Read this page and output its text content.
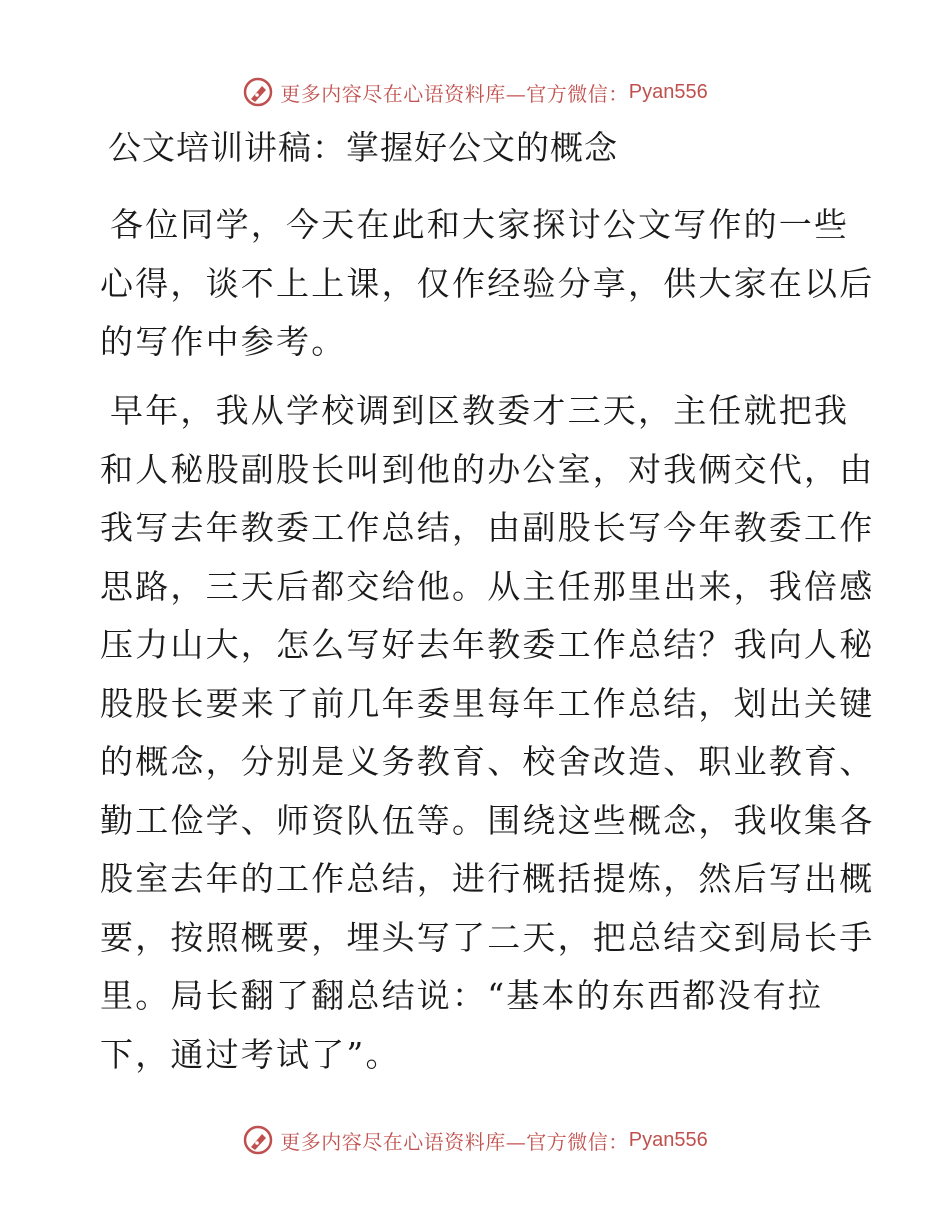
更多内容尽在心语资料库—官方微信： Pyan556
公文培训讲稿：掌握好公文的概念
各位同学，今天在此和大家探讨公文写作的一些
心得，谈不上上课，仅作经验分享，供大家在以后
的写作中参考。
早年，我从学校调到区教委才三天，主任就把我
和人秘股副股长叫到他的办公室，对我俩交代，由
我写去年教委工作总结，由副股长写今年教委工作
思路，三天后都交给他。从主任那里出来，我倍感
压力山大，怎么写好去年教委工作总结？我向人秘
股股长要来了前几年委里每年工作总结，划出关键
的概念，分别是义务教育、校舍改造、职业教育、
勤工俭学、师资队伍等。围绕这些概念，我收集各
股室去年的工作总结，进行概括提炼，然后写出概
要，按照概要，埋头写了二天，把总结交到局长手
里。局长翻了翻总结说：“基本的东西都没有拉
下，通过考试了”。
更多内容尽在心语资料库—官方微信： Pyan556
